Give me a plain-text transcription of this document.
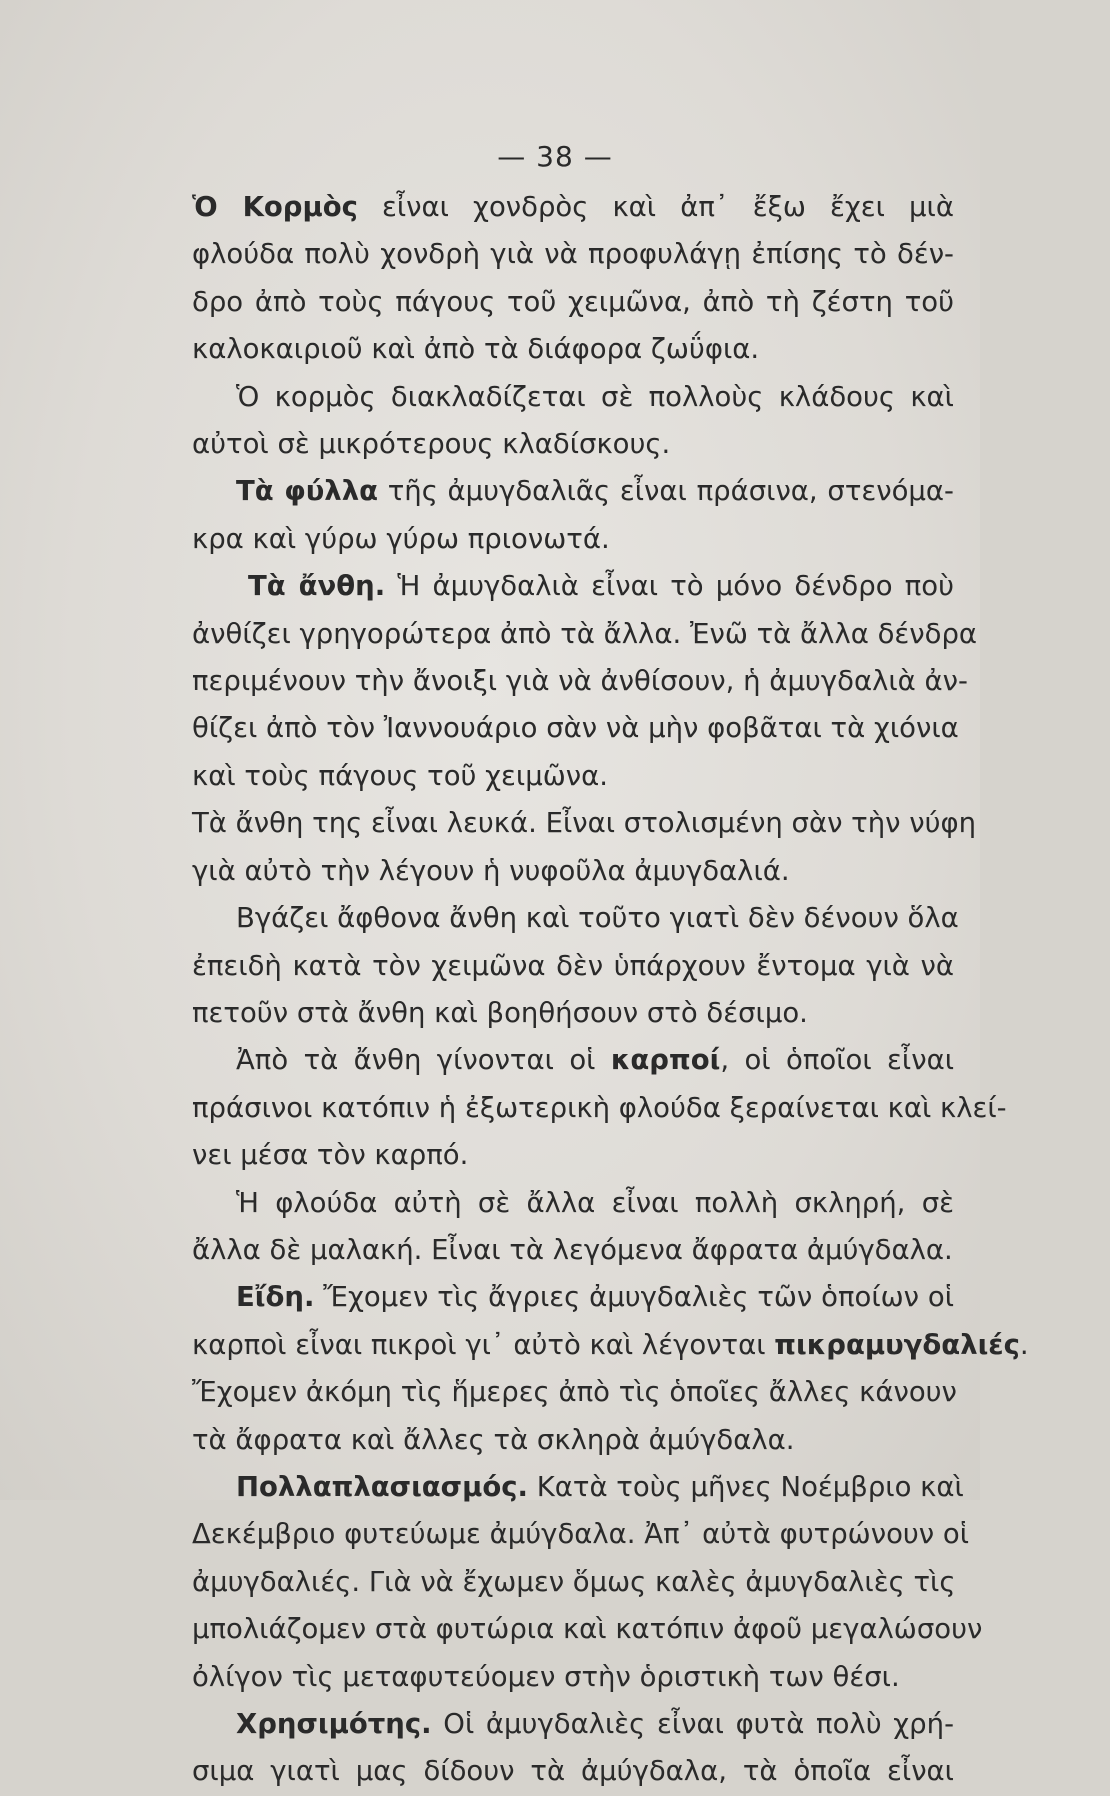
— 38 —
Ὁ Κορμὸς εἶναι χονδρὸς καὶ ἀπ᾽ ἔξω ἔχει μιὰ
φλούδα πολὺ χονδρὴ γιὰ νὰ προφυλάγῃ ἐπίσης τὸ δέν-
δρο ἀπὸ τοὺς πάγους τοῦ χειμῶνα, ἀπὸ τὴ ζέστη τοῦ
καλοκαιριοῦ καὶ ἀπὸ τὰ διάφορα ζωΰφια.
Ὁ κορμὸς διακλαδίζεται σὲ πολλοὺς κλάδους καὶ
αὐτοὶ σὲ μικρότερους κλαδίσκους.
Τὰ φύλλα τῆς ἀμυγδαλιᾶς εἶναι πράσινα, στενόμα-
κρα καὶ γύρω γύρω πριονωτά.
Τὰ ἄνθη. Ἡ ἀμυγδαλιὰ εἶναι τὸ μόνο δένδρο ποὺ
ἀνθίζει γρηγορώτερα ἀπὸ τὰ ἄλλα. Ἐνῶ τὰ ἄλλα δένδρα
περιμένουν τὴν ἄνοιξι γιὰ νὰ ἀνθίσουν, ἡ ἀμυγδαλιὰ ἀν-
θίζει ἀπὸ τὸν Ἰαννουάριο σὰν νὰ μὴν φοβᾶται τὰ χιόνια
καὶ τοὺς πάγους τοῦ χειμῶνα.
Τὰ ἄνθη της εἶναι λευκά. Εἶναι στολισμένη σὰν τὴν νύφη
γιὰ αὐτὸ τὴν λέγουν ἡ νυφοῦλα ἀμυγδαλιά.
Βγάζει ἄφθονα ἄνθη καὶ τοῦτο γιατὶ δὲν δένουν ὅλα
ἐπειδὴ κατὰ τὸν χειμῶνα δὲν ὑπάρχουν ἔντομα γιὰ νὰ
πετοῦν στὰ ἄνθη καὶ βοηθήσουν στὸ δέσιμο.
Ἀπὸ τὰ ἄνθη γίνονται οἱ καρποί, οἱ ὁποῖοι εἶναι
πράσινοι κατόπιν ἡ ἐξωτερικὴ φλούδα ξεραίνεται καὶ κλεί-
νει μέσα τὸν καρπό.
Ἡ φλούδα αὐτὴ σὲ ἄλλα εἶναι πολλὴ σκληρή, σὲ
ἄλλα δὲ μαλακή. Εἶναι τὰ λεγόμενα ἄφρατα ἀμύγδαλα.
Εἴδη. Ἔχομεν τὶς ἄγριες ἀμυγδαλιὲς τῶν ὁποίων οἱ
καρποὶ εἶναι πικροὶ γι᾽ αὐτὸ καὶ λέγονται πικραμυγδαλιές.
Ἔχομεν ἀκόμη τὶς ἥμερες ἀπὸ τὶς ὁποῖες ἄλλες κάνουν
τὰ ἄφρατα καὶ ἄλλες τὰ σκληρὰ ἀμύγδαλα.
Πολλαπλασιασμός. Κατὰ τοὺς μῆνες Νοέμβριο καὶ
Δεκέμβριο φυτεύωμε ἀμύγδαλα. Ἀπ᾽ αὐτὰ φυτρώνουν οἱ
ἀμυγδαλιές. Γιὰ νὰ ἔχωμεν ὅμως καλὲς ἀμυγδαλιὲς τὶς
μπολιάζομεν στὰ φυτώρια καὶ κατόπιν ἀφοῦ μεγαλώσουν
ὀλίγον τὶς μεταφυτεύομεν στὴν ὁριστικὴ των θέσι.
Χρησιμότης. Οἱ ἀμυγδαλιὲς εἶναι φυτὰ πολὺ χρή-
σιμα γιατὶ μας δίδουν τὰ ἀμύγδαλα, τὰ ὁποῖα εἶναι
